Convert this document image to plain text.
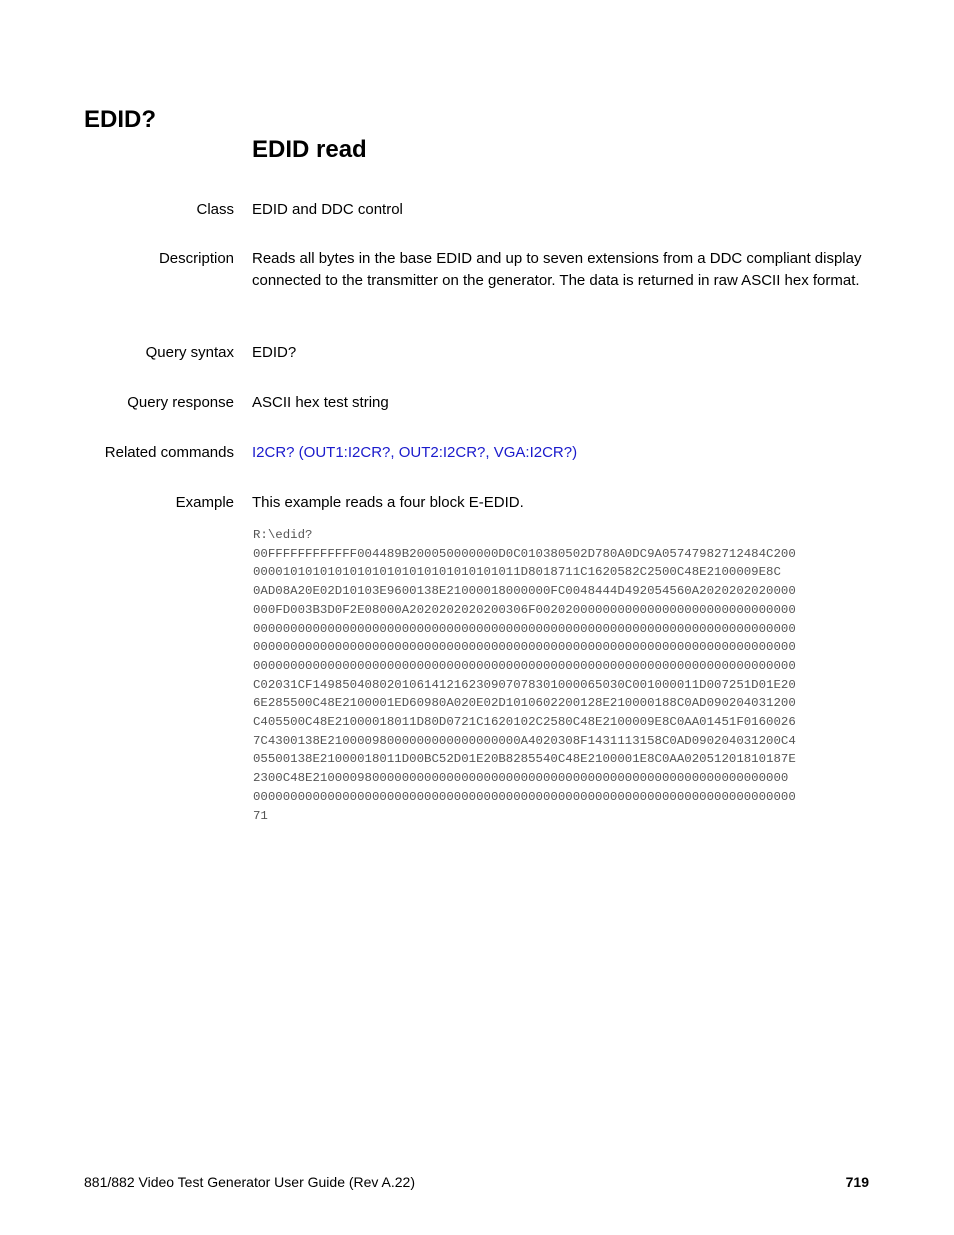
EDID?
EDID read
Class EDID and DDC control
Description Reads all bytes in the base EDID and up to seven extensions from a DDC compliant display connected to the transmitter on the generator. The data is returned in raw ASCII hex format.
Query syntax EDID?
Query response ASCII hex test string
Related commands I2CR? (OUT1:I2CR?, OUT2:I2CR?, VGA:I2CR?)
Example This example reads a four block E-EDID.
R:\edid?
00FFFFFFFFFFFF004489B200050000000D0C010380502D780A0DC9A05747982712484C200
000010101010101010101010101010101011D8018711C1620582C2500C48E2100009E8C
0AD08A20E02D10103E9600138E21000018000000FC0048444D492054560A2020202020000
000FD003B3D0F2E08000A2020202020200306F00202000000000000000000000000000000
0000000000000000000000000000000000000000000000000000000000000000000000000
0000000000000000000000000000000000000000000000000000000000000000000000000
0000000000000000000000000000000000000000000000000000000000000000000000000
C02031CF149850408020106141216230907078301000065030C001000011D007251D01E20
6E285500C48E2100001ED60980A020E02D1010602200128E210000188C0AD090204031200
C405500C48E21000018011D80D0721C1620102C2580C48E2100009E8C0AA01451F0160026
7C4300138E21000098000000000000000000A4020308F1431113158C0AD090204031200C4
05500138E21000018011D00BC52D01E20B8285540C48E2100001E8C0AA02051201810187E
2300C48E2100009800000000000000000000000000000000000000000000000000000000
0000000000000000000000000000000000000000000000000000000000000000000000000
71
881/882 Video Test Generator User Guide (Rev A.22)	719
